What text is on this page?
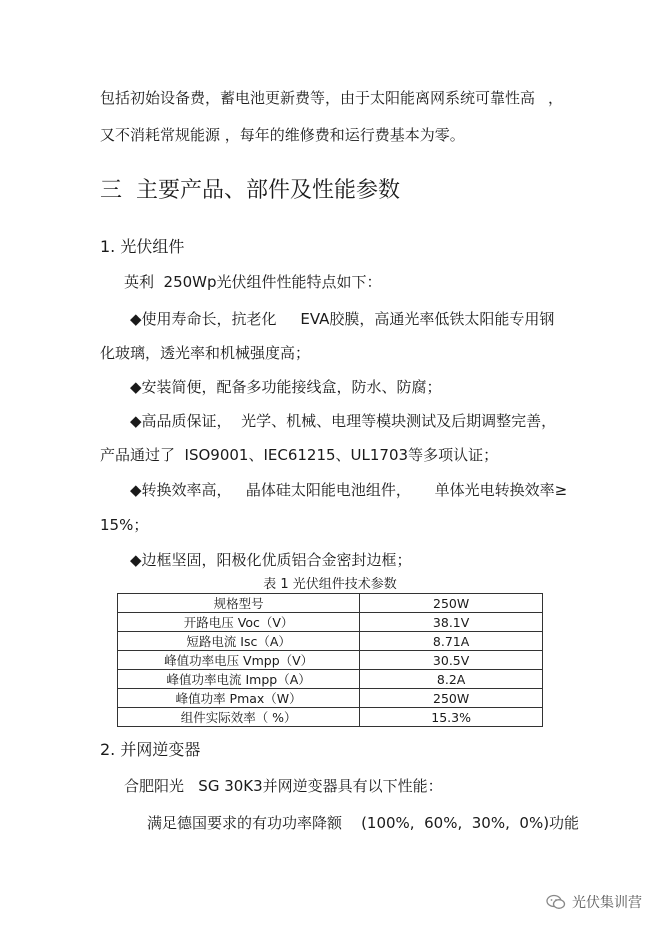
包括初始设备费，蓄电池更新费等，由于太阳能离网系统可靠性高 ，
又不消耗常规能源 ，每年的维修费和运行费基本为零。
三  主要产品、部件及性能参数
1. 光伏组件
英利  250Wp光伏组件性能特点如下：
◆使用寿命长，抗老化     EVA胶膜，高通光率低铁太阳能专用钢
化玻璃，透光率和机械强度高；
◆安装简便，配备多功能接线盒，防水、防腐；
◆高品质保证，  光学、机械、电理等模块测试及后期调整完善，
产品通过了  ISO9001、IEC61215、UL1703等多项认证；
◆转换效率高，   晶体硅太阳能电池组件，     单体光电转换效率≥
15%；
◆边框坚固，阳极化优质铝合金密封边框；
表 1 光伏组件技术参数
规格型号	250W
开路电压 Voc（V）	38.1V
短路电流 Isc（A）	8.71A
峰值功率电压 Vmpp（V）	30.5V
峰值功率电流 Impp（A）	8.2A
峰值功率 Pmax（W）	250W
组件实际效率（ %）	15.3%
2. 并网逆变器
合肥阳光   SG 30K3并网逆变器具有以下性能：
满足德国要求的有功功率降额    (100%,  60%,  30%,  0%)功能
光伏集训营
